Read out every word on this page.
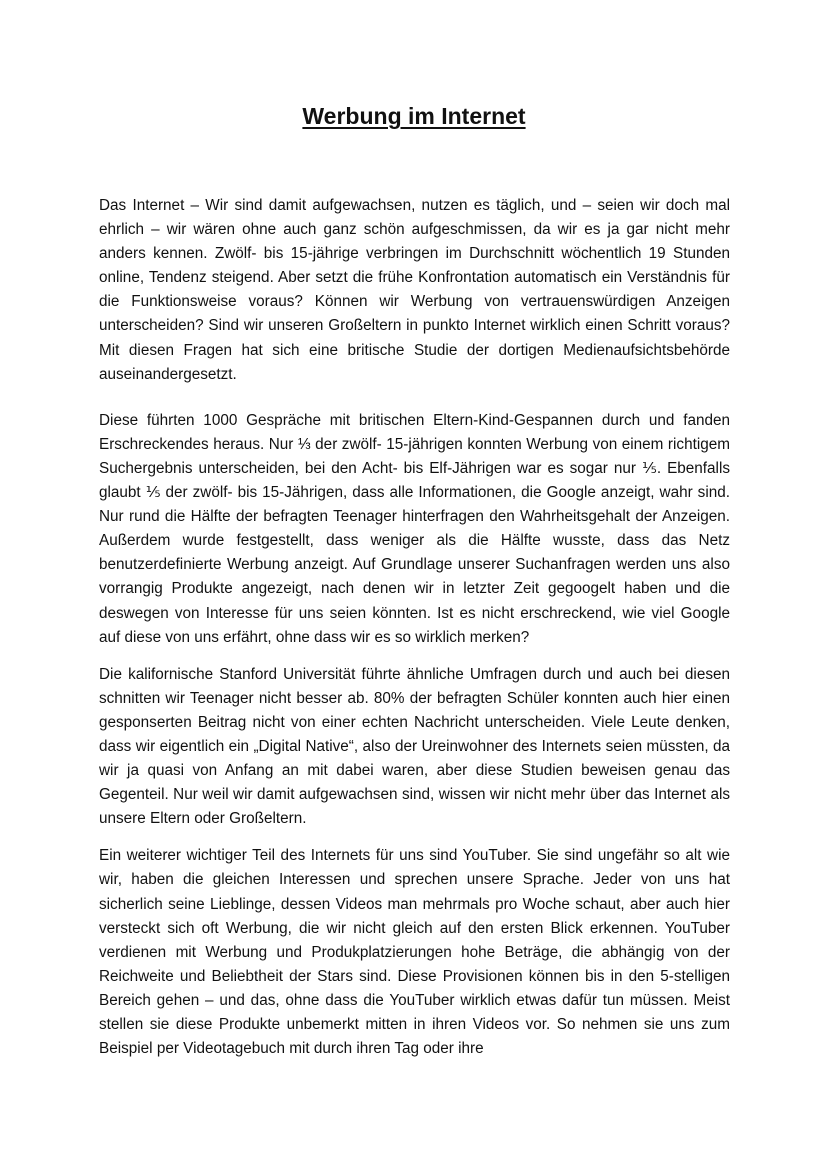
Werbung im Internet

Das Internet – Wir sind damit aufgewachsen, nutzen es täglich, und – seien wir doch mal ehrlich – wir wären ohne auch ganz schön aufgeschmissen, da wir es ja gar nicht mehr anders kennen. Zwölf- bis 15-jährige verbringen im Durchschnitt wöchentlich 19 Stunden online, Tendenz steigend. Aber setzt die frühe Konfrontation automatisch ein Verständnis für die Funktionsweise voraus? Können wir Werbung von vertrauenswürdigen Anzeigen unterscheiden? Sind wir unseren Großeltern in punkto Internet wirklich einen Schritt voraus? Mit diesen Fragen hat sich eine britische Studie der dortigen Medienaufsichtsbehörde auseinandergesetzt.

Diese führten 1000 Gespräche mit britischen Eltern-Kind-Gespannen durch und fanden Erschreckendes heraus. Nur ⅓ der zwölf- 15-jährigen konnten Werbung von einem richtigem Suchergebnis unterscheiden, bei den Acht- bis Elf-Jährigen war es sogar nur ⅕. Ebenfalls glaubt ⅕ der zwölf- bis 15-Jährigen, dass alle Informationen, die Google anzeigt, wahr sind. Nur rund die Hälfte der befragten Teenager hinterfragen den Wahrheitsgehalt der Anzeigen. Außerdem wurde festgestellt, dass weniger als die Hälfte wusste, dass das Netz benutzerdefinierte Werbung anzeigt. Auf Grundlage unserer Suchanfragen werden uns also vorrangig Produkte angezeigt, nach denen wir in letzter Zeit gegoogelt haben und die deswegen von Interesse für uns seien könnten. Ist es nicht erschreckend, wie viel Google auf diese von uns erfährt, ohne dass wir es so wirklich merken?

Die kalifornische Stanford Universität führte ähnliche Umfragen durch und auch bei diesen schnitten wir Teenager nicht besser ab. 80% der befragten Schüler konnten auch hier einen gesponserten Beitrag nicht von einer echten Nachricht unterscheiden. Viele Leute denken, dass wir eigentlich ein „Digital Native“, also der Ureinwohner des Internets seien müssten, da wir ja quasi von Anfang an mit dabei waren, aber diese Studien beweisen genau das Gegenteil. Nur weil wir damit aufgewachsen sind, wissen wir nicht mehr über das Internet als unsere Eltern oder Großeltern.

Ein weiterer wichtiger Teil des Internets für uns sind YouTuber. Sie sind ungefähr so alt wie wir, haben die gleichen Interessen und sprechen unsere Sprache. Jeder von uns hat sicherlich seine Lieblinge, dessen Videos man mehrmals pro Woche schaut, aber auch hier versteckt sich oft Werbung, die wir nicht gleich auf den ersten Blick erkennen. YouTuber verdienen mit Werbung und Produkplatzierungen hohe Beträge, die abhängig von der Reichweite und Beliebtheit der Stars sind. Diese Provisionen können bis in den 5-stelligen Bereich gehen – und das, ohne dass die YouTuber wirklich etwas dafür tun müssen. Meist stellen sie diese Produkte unbemerkt mitten in ihren Videos vor. So nehmen sie uns zum Beispiel per Videotagebuch mit durch ihren Tag oder ihre
